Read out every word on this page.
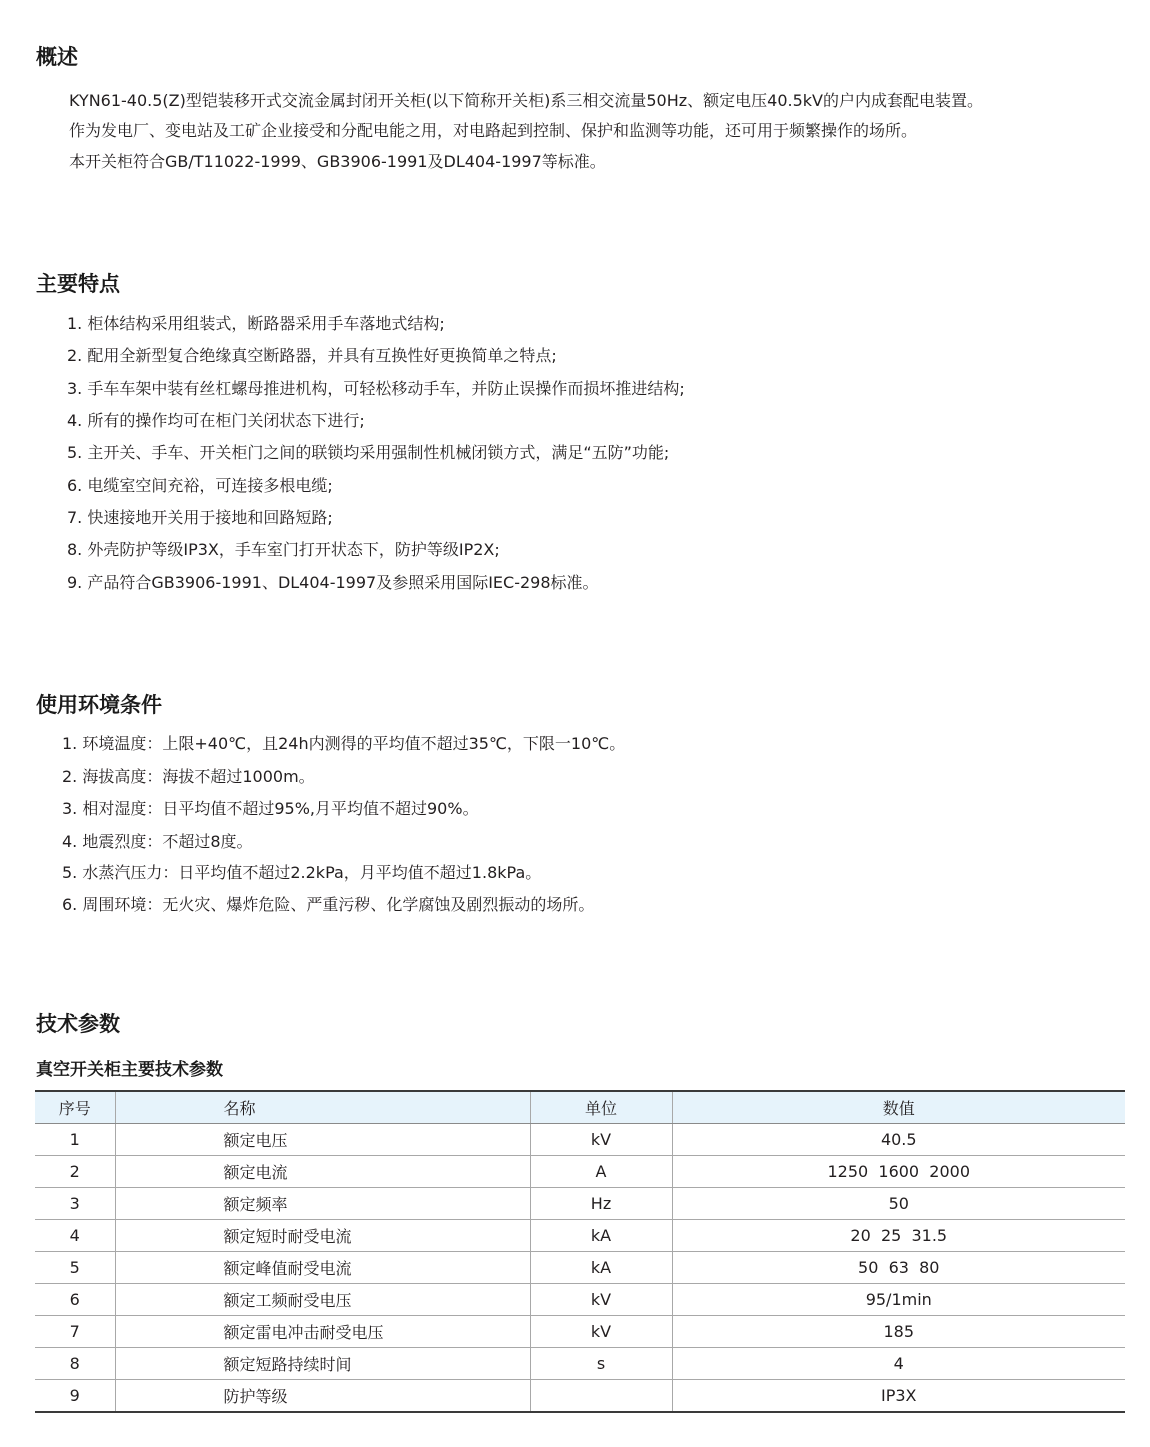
概述
KYN61-40.5(Z)型铠装移开式交流金属封闭开关柜(以下简称开关柜)系三相交流量50Hz、额定电压40.5kV的户内成套配电装置。
作为发电厂、变电站及工矿企业接受和分配电能之用，对电路起到控制、保护和监测等功能，还可用于频繁操作的场所。
本开关柜符合GB/T11022-1999、GB3906-1991及DL404-1997等标准。
主要特点
1. 柜体结构采用组装式，断路器采用手车落地式结构;
2. 配用全新型复合绝缘真空断路器，并具有互换性好更换简单之特点;
3. 手车车架中装有丝杠螺母推进机构，可轻松移动手车，并防止误操作而损坏推进结构;
4. 所有的操作均可在柜门关闭状态下进行;
5. 主开关、手车、开关柜门之间的联锁均采用强制性机械闭锁方式，满足“五防”功能;
6. 电缆室空间充裕，可连接多根电缆;
7. 快速接地开关用于接地和回路短路;
8. 外壳防护等级IP3X，手车室门打开状态下，防护等级IP2X;
9. 产品符合GB3906-1991、DL404-1997及参照采用国际IEC-298标准。
使用环境条件
1. 环境温度：上限+40℃，且24h内测得的平均值不超过35℃，下限一10℃。
2. 海拔高度：海拔不超过1000m。
3. 相对湿度：日平均值不超过95%,月平均值不超过90%。
4. 地震烈度：不超过8度。
5. 水蒸汽压力：日平均值不超过2.2kPa，月平均值不超过1.8kPa。
6. 周围环境：无火灾、爆炸危险、严重污秽、化学腐蚀及剧烈振动的场所。
技术参数
真空开关柜主要技术参数
序号	名称	单位	数值
1	额定电压	kV	40.5
2	额定电流	A	1250  1600  2000
3	额定频率	Hz	50
4	额定短时耐受电流	kA	20  25  31.5
5	额定峰值耐受电流	kA	50  63  80
6	额定工频耐受电压	kV	95/1min
7	额定雷电冲击耐受电压	kV	185
8	额定短路持续时间	s	4
9	防护等级		IP3X
